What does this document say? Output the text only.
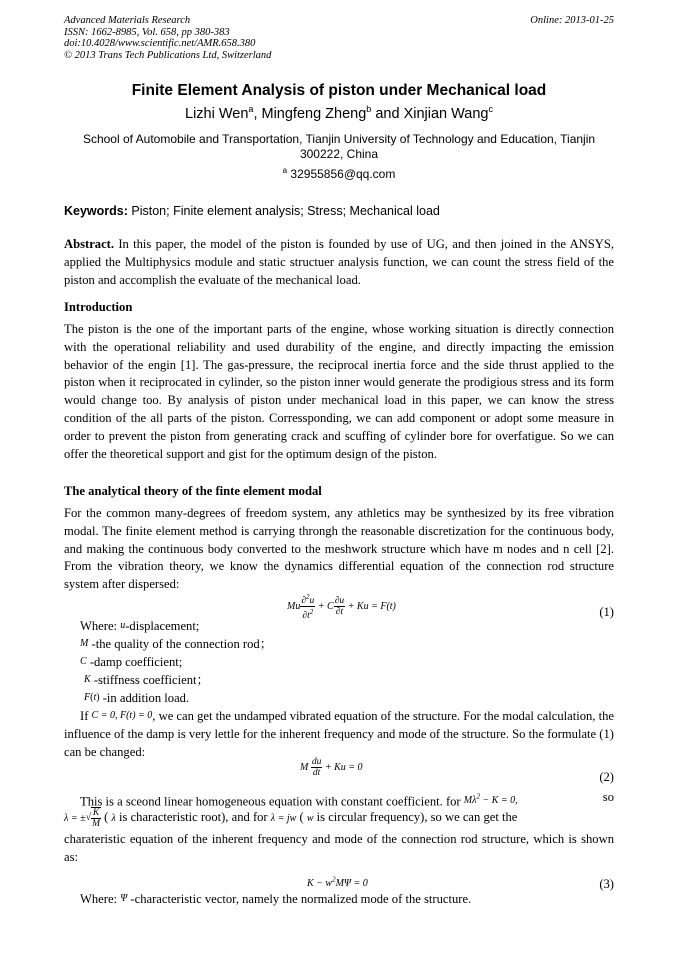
Advanced Materials Research
ISSN: 1662-8985, Vol. 658, pp 380-383
doi:10.4028/www.scientific.net/AMR.658.380
© 2013 Trans Tech Publications Ltd, Switzerland
Online: 2013-01-25
Finite Element Analysis of piston under Mechanical load
Lizhi Wen$^a$, Mingfeng Zheng$^b$ and Xinjian Wang$^c$
School of Automobile and Transportation, Tianjin University of Technology and Education, Tianjin
300222, China
$^a$ 32955856@qq.com
Keywords: Piston; Finite element analysis; Stress; Mechanical load
Abstract. In this paper, the model of the piston is founded by use of UG, and then joined in the ANSYS, applied the Multiphysics module and static structuer analysis function, we can count the stress field of the piston and accomplish the evaluate of the mechanical load.
Introduction
The piston is the one of the important parts of the engine, whose working situation is directly connection with the operational reliability and used durability of the engine, and directly impacting the emission behavior of the engin [1]. The gas-pressure, the reciprocal inertia force and the side thrust applied to the piston when it reciprocated in cylinder, so the piston inner would generate the prodigious stress and its form would change too. By analysis of piston under mechanical load in this paper, we can know the stress condition of the all parts of the piston. Corressponding, we can add component or adopt some measure in order to prevent the piston from generating crack and scuffing of cylinder bore for overfatigue. So we can offer the theoretical support and gist for the optimum design of the piston.
The analytical theory of the finte element modal
For the common many-degrees of freedom system, any athletics may be synthesized by its free vibration modal. The finite element method is carrying throngh the reasonable discretization for the continuous body, and making the continuous body converted to the meshwork structure which have m nodes and n cell [2]. From the vibration theory, we know the dynamics differential equation of the connection rod structure system after dispersed:
Mu $\frac{\partial^2u}{\partial t^2} + C \frac{\partial u}{\partial t} + Ku = F(t)$	(1)
Where: u-displacement;
M -the quality of the connection rod；
C -damp coefficient;
K -stiffness coefficient；
F(t) -in addition load.
If C = 0, F(t) = 0, we can get the undamped vibrated equation of the structure. For the modal calculation, the influence of the damp is very lettle for the inherent frequency and mode of the structure. So the formulate (1) can be changed:
M $\frac{du}{dt} + Ku = 0$
(2)
This is a sceond linear homogeneous equation with constant coefficient. for $M\lambda^2 - K = 0$,	so
λ = ±√ $\frac{K}{M}$ ( λ is characteristic root), and for λ = jw ( w is circular frequency), so we can get the
charateristic equation of the inherent frequency and mode of the connection rod structure, which is shown as:
$K - w^2M\Psi = 0$	(3)
Where: Ψ -characteristic vector, namely the normalized mode of the structure.
